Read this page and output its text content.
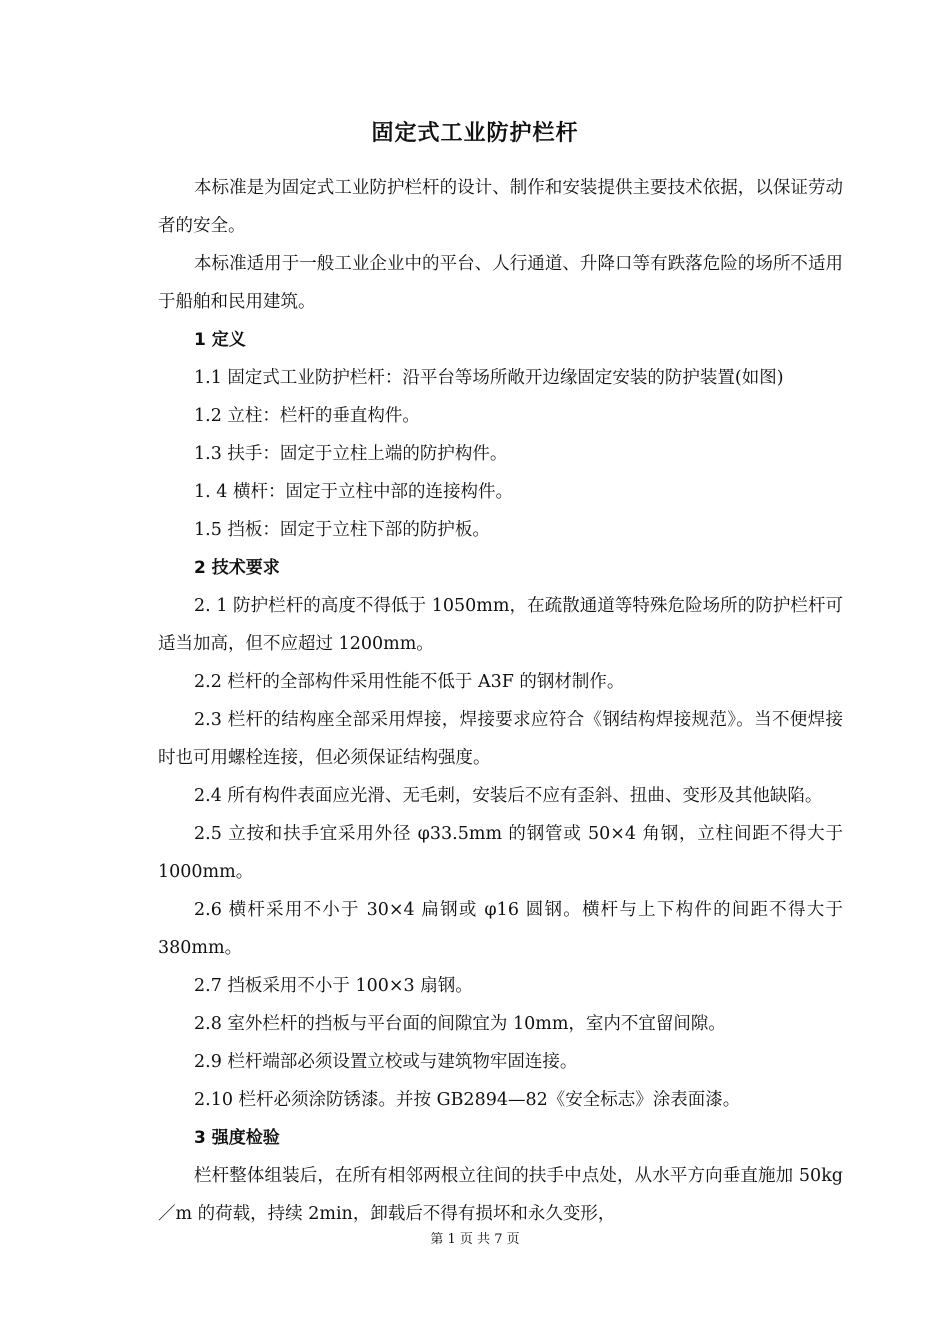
固定式工业防护栏杆

本标准是为固定式工业防护栏杆的设计、制作和安装提供主要技术依据，以保证劳动者的安全。

本标准适用于一般工业企业中的平台、人行通道、升降口等有跌落危险的场所不适用于船舶和民用建筑。

1 定义

1.1 固定式工业防护栏杆：沿平台等场所敞开边缘固定安装的防护装置(如图)

1.2 立柱：栏杆的垂直构件。

1.3 扶手：固定于立柱上端的防护构件。

1. 4 横杆：固定于立柱中部的连接构件。

1.5 挡板：固定于立柱下部的防护板。

2 技术要求

2. 1 防护栏杆的高度不得低于 1050mm，在疏散通道等特殊危险场所的防护栏杆可适当加高，但不应超过 1200mm。

2.2 栏杆的全部构件采用性能不低于 A3F 的钢材制作。

2.3 栏杆的结构座全部采用焊接，焊接要求应符合《钢结构焊接规范》。当不便焊接时也可用螺栓连接，但必须保证结构强度。

2.4 所有构件表面应光滑、无毛刺，安装后不应有歪斜、扭曲、变形及其他缺陷。

2.5 立按和扶手宜采用外径 φ33.5mm 的钢管或 50×4 角钢，立柱间距不得大于 1000mm。

2.6 横杆采用不小于 30×4 扁钢或 φ16 圆钢。横杆与上下构件的间距不得大于 380mm。

2.7 挡板采用不小于 100×3 扇钢。

2.8 室外栏杆的挡板与平台面的间隙宜为 10mm，室内不宜留间隙。

2.9 栏杆端部必须设置立校或与建筑物牢固连接。

2.10 栏杆必须涂防锈漆。并按 GB2894—82《安全标志》涂表面漆。

3 强度检验

栏杆整体组装后，在所有相邻两根立往间的扶手中点处，从水平方向垂直施加 50kg／m 的荷载，持续 2min，卸载后不得有损坏和永久变形，

第 1 页 共 7 页
